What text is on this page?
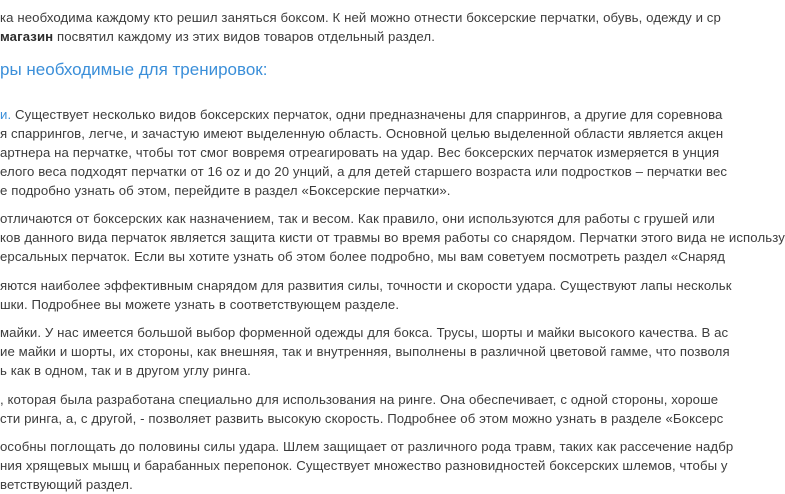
ка необходима каждому кто решил заняться боксом. К ней можно отнести боксерские перчатки, обувь, одежду и ср
магазин посвятил каждому из этих видов товаров отдельный раздел.
ры необходимые для тренировок:
и. Существует несколько видов боксерских перчаток, одни предназначены для спаррингов, а другие для соревнова
я спаррингов, легче, и зачастую имеют выделенную область. Основной целью выделенной области является акцен
артнера на перчатке, чтобы тот смог вовремя отреагировать на удар. Вес боксерских перчаток измеряется в унция
елого веса подходят перчатки от 16 oz и до 20 унций, а для детей старшего возраста или подростков – перчатки вес
е подробно узнать об этом, перейдите в раздел «Боксерские перчатки».
отличаются от боксерских как назначением, так и весом. Как правило, они используются для работы с грушей или
ков данного вида перчаток является защита кисти от травмы во время работы со снарядом. Перчатки этого вида не использу
ерсальных перчаток. Если вы хотите узнать об этом более подробно, мы вам советуем посмотреть раздел «Снаряд
яются наиболее эффективным снарядом для развития силы, точности и скорости удара. Существуют лапы нескольк
шки. Подробнее вы можете узнать в соответствующем разделе.
майки. У нас имеется большой выбор форменной одежды для бокса. Трусы, шорты и майки высокого качества. В ас
ие майки и шорты, их стороны, как внешняя, так и внутренняя, выполнены в различной цветовой гамме, что позволя
ь как в одном, так и в другом углу ринга.
, которая была разработана специально для использования на ринге. Она обеспечивает, с одной стороны, хороше
сти ринга, а, с другой, - позволяет развить высокую скорость. Подробнее об этом можно узнать в разделе «Боксерс
особны поглощать до половины силы удара. Шлем защищает от различного рода травм, таких как рассечение надбр
ния хрящевых мышц и барабанных перепонок. Существует множество разновидностей боксерских шлемов, чтобы у
ветствующий раздел.
